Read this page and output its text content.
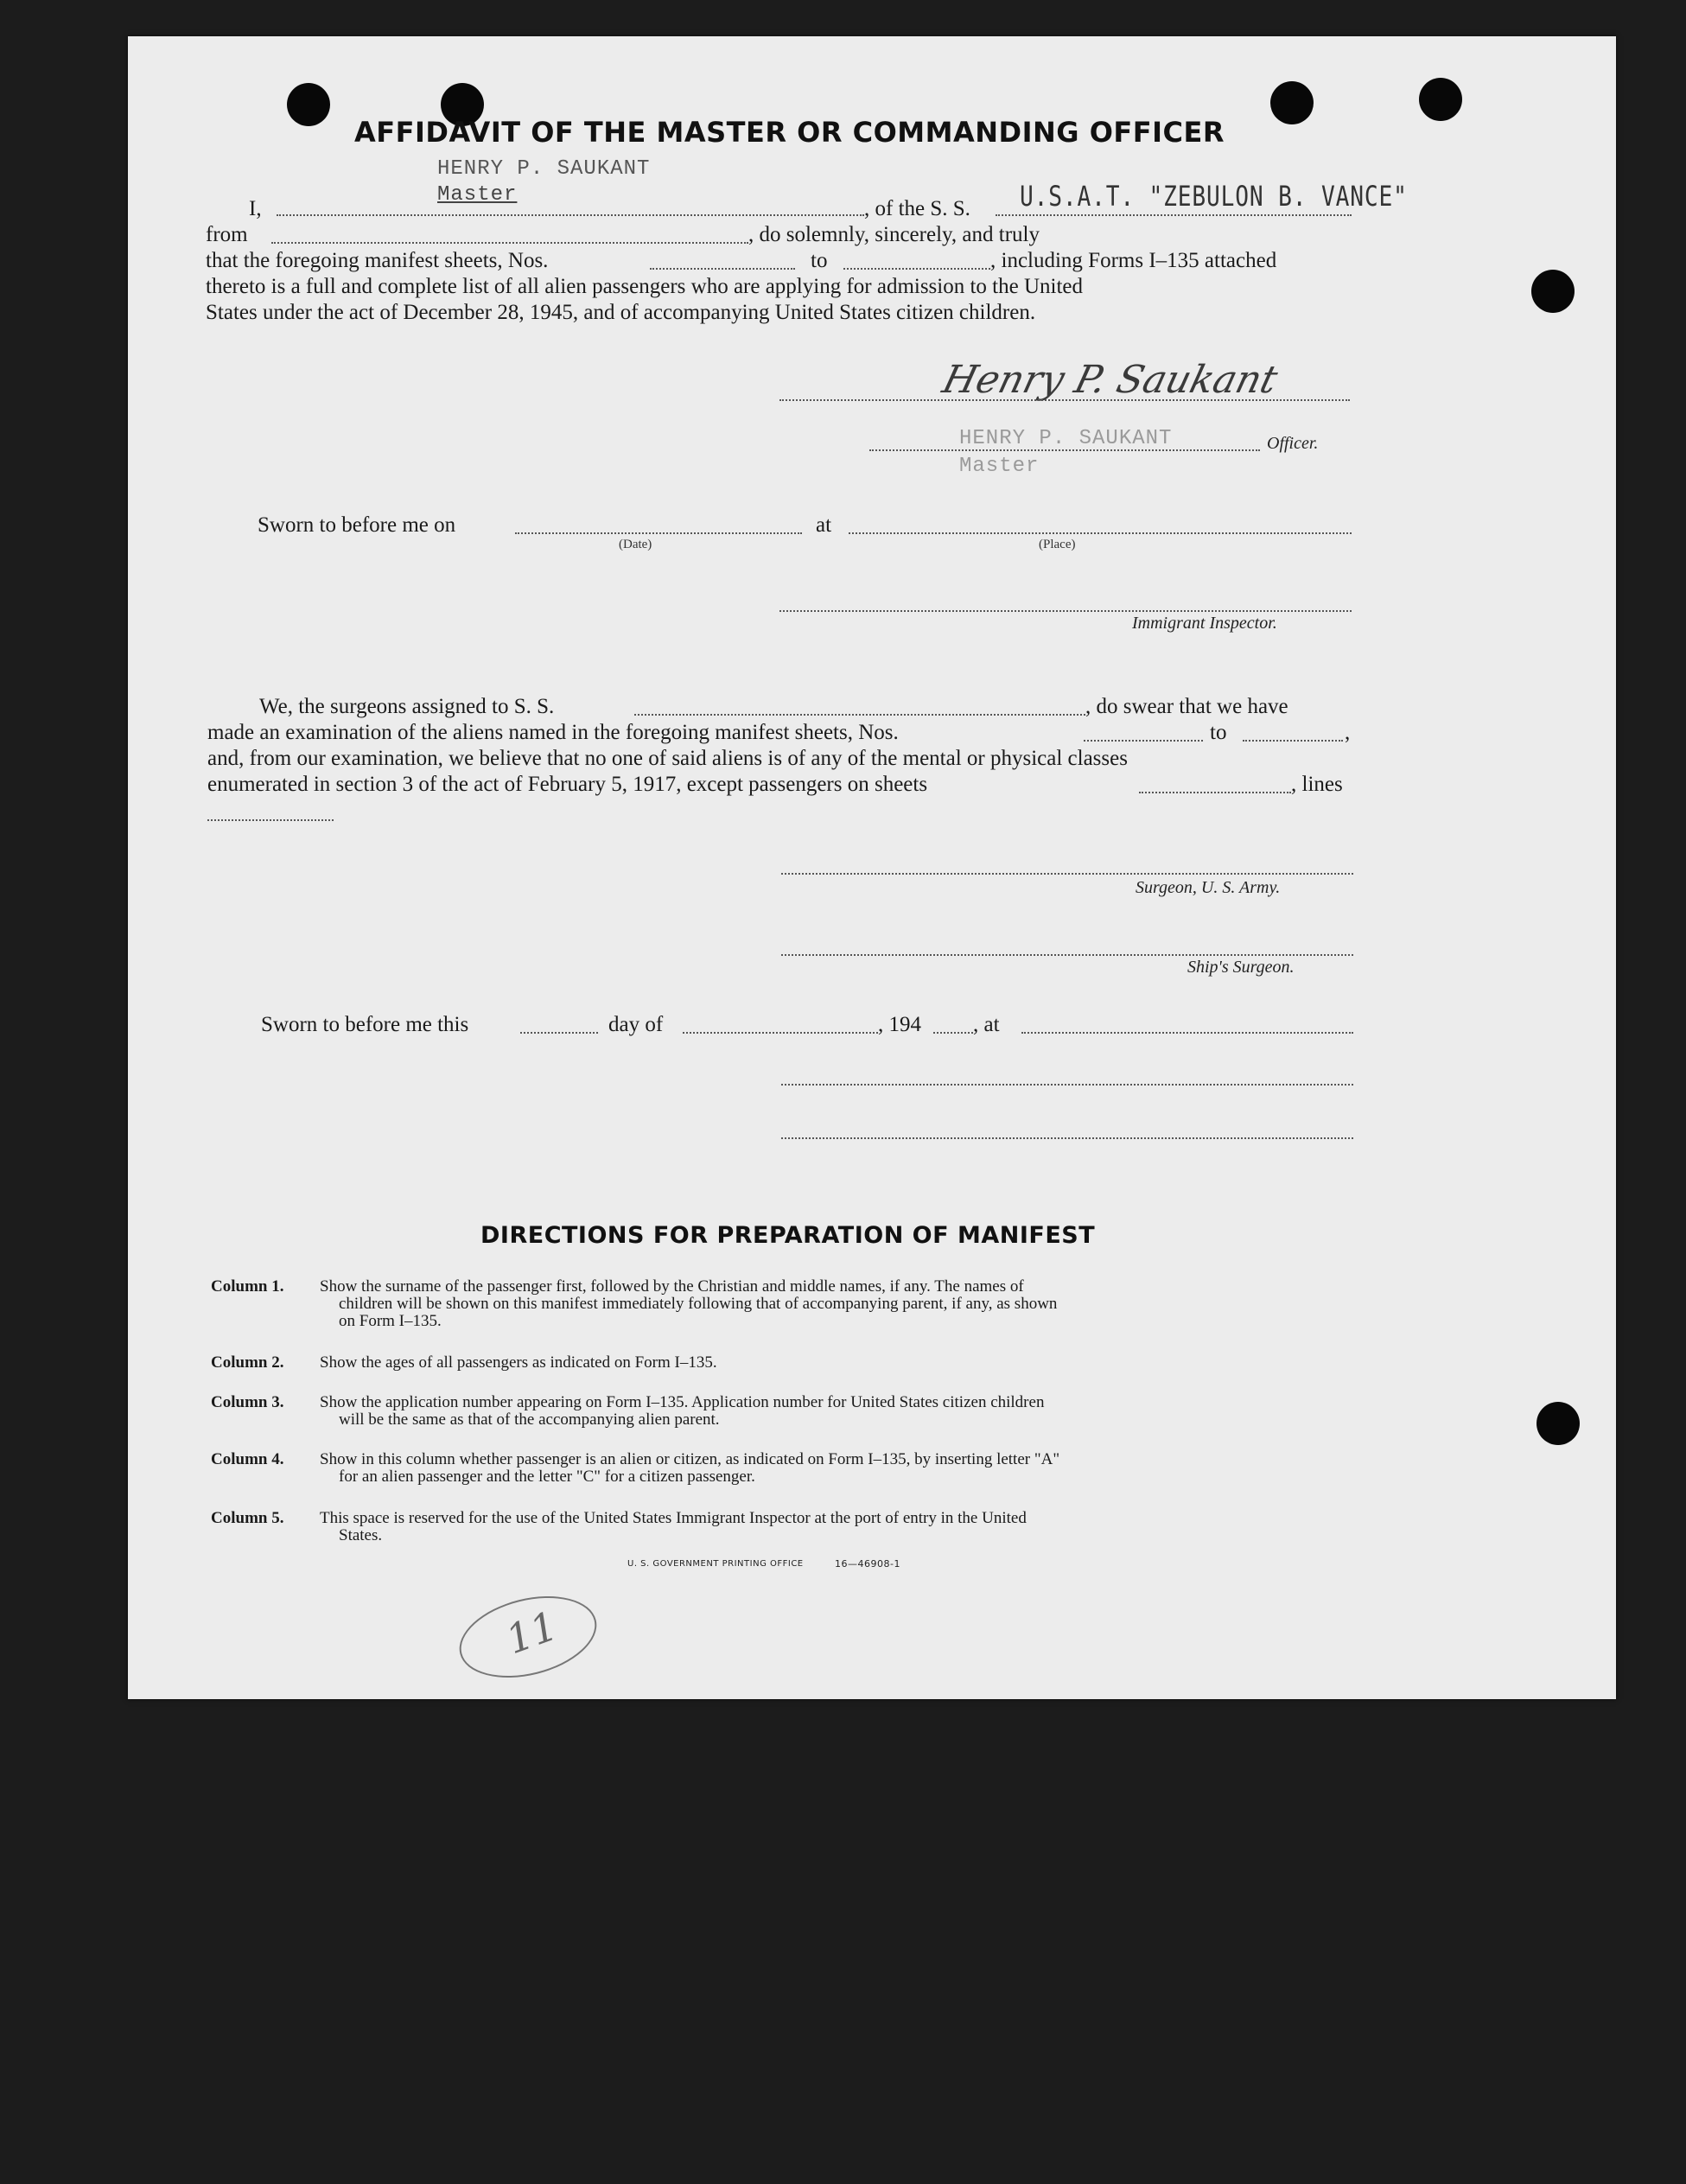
AFFIDAVIT OF THE MASTER OR COMMANDING OFFICER
HENRY P. SAUKANT
Master
I,	, of the S. S. U.S.A.T. "ZEBULON B. VANCE"
from	, do solemnly, sincerely, and truly
that the foregoing manifest sheets, Nos.	to	, including Forms I–135 attached
thereto is a full and complete list of all alien passengers who are applying for admission to the United
States under the act of December 28, 1945, and of accompanying United States citizen children.
Henry P. Saukant
HENRY P. SAUKANT
Master
Officer.
Sworn to before me on	at
(Date)	(Place)
Immigrant Inspector.
We, the surgeons assigned to S. S.	, do swear that we have
made an examination of the aliens named in the foregoing manifest sheets, Nos.	to	,
and, from our examination, we believe that no one of said aliens is of any of the mental or physical classes
enumerated in section 3 of the act of February 5, 1917, except passengers on sheets	, lines
Surgeon, U. S. Army.
Ship's Surgeon.
Sworn to before me this	day of	, 194 , at
DIRECTIONS FOR PREPARATION OF MANIFEST
Column 1. Show the surname of the passenger first, followed by the Christian and middle names, if any. The names of
children will be shown on this manifest immediately following that of accompanying parent, if any, as shown
on Form I–135.
Column 2. Show the ages of all passengers as indicated on Form I–135.
Column 3. Show the application number appearing on Form I–135. Application number for United States citizen children
will be the same as that of the accompanying alien parent.
Column 4. Show in this column whether passenger is an alien or citizen, as indicated on Form I–135, by inserting letter "A"
for an alien passenger and the letter "C" for a citizen passenger.
Column 5. This space is reserved for the use of the United States Immigrant Inspector at the port of entry in the United
States.
U. S. GOVERNMENT PRINTING OFFICE	16—46908-1
11
